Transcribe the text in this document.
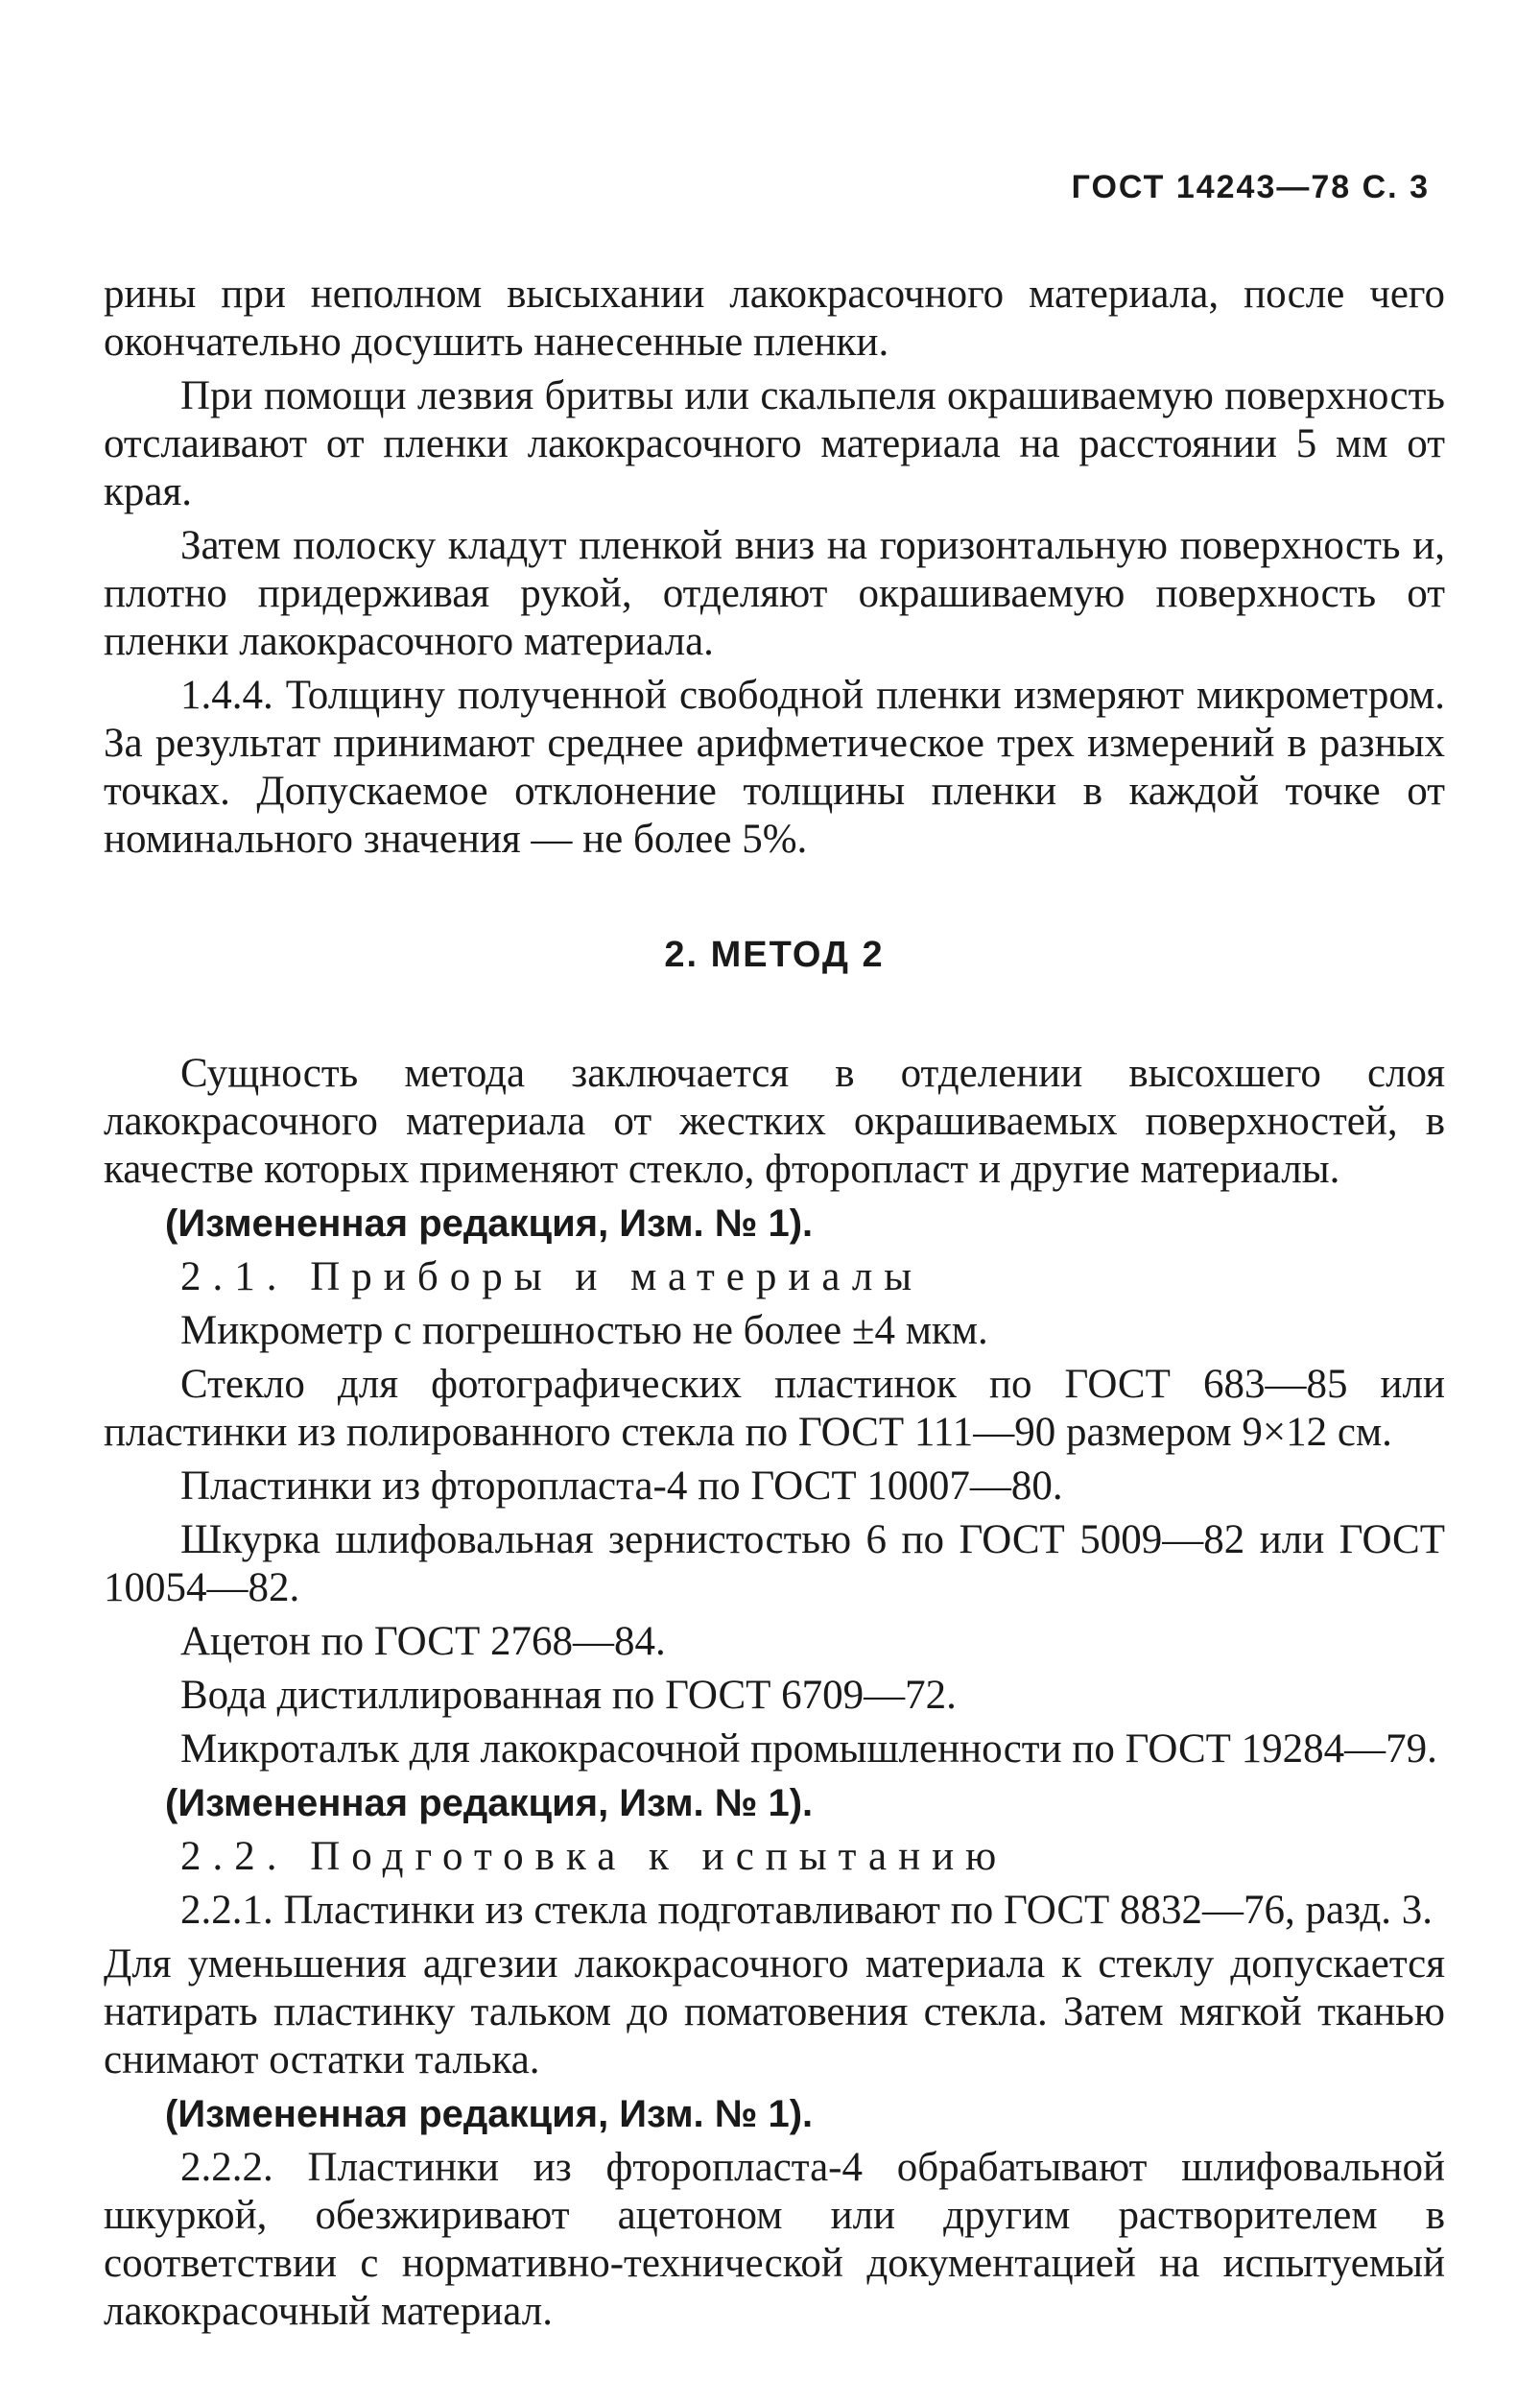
ГОСТ 14243—78 С. 3

рины при неполном высыхании лакокрасочного материала, после чего окончательно досушить нанесенные пленки.

При помощи лезвия бритвы или скальпеля окрашиваемую поверхность отслаивают от пленки лакокрасочного материала на расстоянии 5 мм от края.

Затем полоску кладут пленкой вниз на горизонтальную поверхность и, плотно придерживая рукой, отделяют окрашиваемую поверхность от пленки лакокрасочного материала.

1.4.4. Толщину полученной свободной пленки измеряют микрометром. За результат принимают среднее арифметическое трех измерений в разных точках. Допускаемое отклонение толщины пленки в каждой точке от номинального значения — не более 5%.

2. МЕТОД 2

Сущность метода заключается в отделении высохшего слоя лакокрасочного материала от жестких окрашиваемых поверхностей, в качестве которых применяют стекло, фторопласт и другие материалы.

(Измененная редакция, Изм. № 1).

2.1. Приборы и материалы

Микрометр с погрешностью не более ±4 мкм.

Стекло для фотографических пластинок по ГОСТ 683—85 или пластинки из полированного стекла по ГОСТ 111—90 размером 9×12 см.

Пластинки из фторопласта-4 по ГОСТ 10007—80.

Шкурка шлифовальная зернистостью 6 по ГОСТ 5009—82 или ГОСТ 10054—82.

Ацетон по ГОСТ 2768—84.

Вода дистиллированная по ГОСТ 6709—72.

Микроталък для лакокрасочной промышленности по ГОСТ 19284—79.

(Измененная редакция, Изм. № 1).

2.2. Подготовка к испытанию

2.2.1. Пластинки из стекла подготавливают по ГОСТ 8832—76, разд. 3.

Для уменьшения адгезии лакокрасочного материала к стеклу допускается натирать пластинку тальком до поматовения стекла. Затем мягкой тканью снимают остатки талька.

(Измененная редакция, Изм. № 1).

2.2.2. Пластинки из фторопласта-4 обрабатывают шлифовальной шкуркой, обезжиривают ацетоном или другим растворителем в соответствии с нормативно-технической документацией на испытуемый лакокрасочный материал.
